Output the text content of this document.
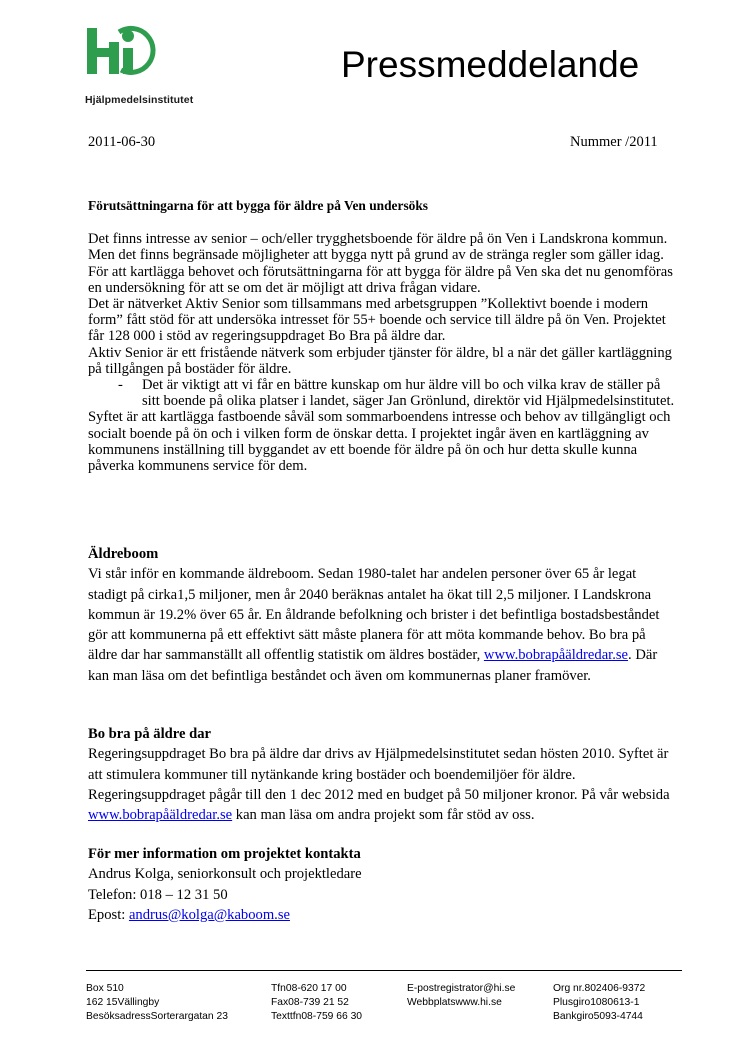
Hjälpmedelsinstitutet
Pressmeddelande
2011-06-30	Nummer /2011
Förutsättningarna för att bygga för äldre på Ven undersöks

Det finns intresse av senior – och/eller trygghetsboende för äldre på ön Ven i Landskrona kommun. Men det finns begränsade möjligheter att bygga nytt på grund av de stränga regler som gäller idag.

För att kartlägga behovet och förutsättningarna för att bygga för äldre på Ven ska det nu genomföras en undersökning för att se om det är möjligt att driva frågan vidare.

Det är nätverket Aktiv Senior som tillsammans med arbetsgruppen ”Kollektivt boende i modern form” fått stöd för att undersöka intresset för 55+ boende och service till äldre på ön Ven. Projektet får 128 000 i stöd av regeringsuppdraget Bo Bra på äldre dar.

Aktiv Senior är ett fristående nätverk som erbjuder tjänster för äldre, bl a när det gäller kartläggning på tillgången på bostäder för äldre.

-	Det är viktigt att vi får en bättre kunskap om hur äldre vill bo och vilka krav de ställer på sitt boende på olika platser i landet, säger Jan Grönlund, direktör vid Hjälpmedelsinstitutet.

Syftet är att kartlägga fastboende såväl som sommarboendens intresse och behov av tillgängligt och socialt boende på ön och i vilken form de önskar detta. I projektet ingår även en kartläggning av kommunens inställning till byggandet av ett boende för äldre på ön och hur detta skulle kunna påverka kommunens service för dem.

Äldreboom

Vi står inför en kommande äldreboom. Sedan 1980-talet har andelen personer över 65 år legat stadigt på cirka1,5 miljoner, men år 2040 beräknas antalet ha ökat till 2,5 miljoner. I Landskrona kommun är 19.2% över 65 år. En åldrande befolkning och brister i det befintliga bostadsbeståndet gör att kommunerna på ett effektivt sätt måste planera för att möta kommande behov. Bo bra på äldre dar har sammanställt all offentlig statistik om äldres bostäder, www.bobrapåäldredar.se. Där kan man läsa om det befintliga beståndet och även om kommunernas planer framöver.

Bo bra på äldre dar

Regeringsuppdraget Bo bra på äldre dar drivs av Hjälpmedelsinstitutet sedan hösten 2010. Syftet är att stimulera kommuner till nytänkande kring bostäder och boendemiljöer för äldre. Regeringsuppdraget pågår till den 1 dec 2012 med en budget på 50 miljoner kronor. På vår websida www.bobrapåäldredar.se kan man läsa om andra projekt som får stöd av oss.

För mer information om projektet kontakta

Andrus Kolga, seniorkonsult och projektledare

Telefon: 018 – 12 31 50

Epost: andrus@kolga@kaboom.se

Box 510
162 15Vällingby
BesöksadressSorterargatan 23
Tfn08-620 17 00
Fax08-739 21 52
Texttfn08-759 66 30
E-postregistrator@hi.se
Webbplatswww.hi.se
Org nr.802406-9372
Plusgiro1080613-1
Bankgiro5093-4744
